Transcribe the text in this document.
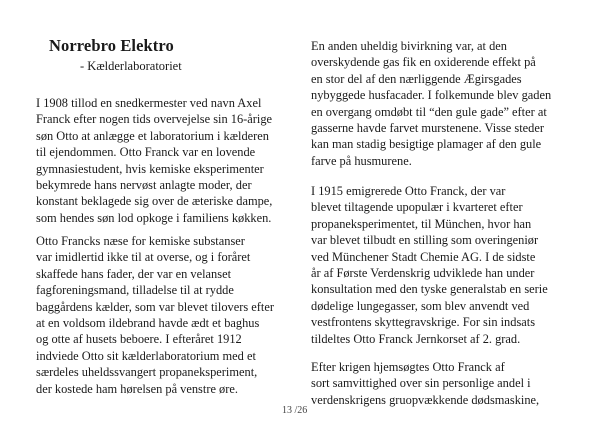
Norrebro Elektro
- Kælderlaboratoriet
I 1908 tillod en snedkermester ved navn Axel
Franck efter nogen tids overvejelse sin 16-årige
søn Otto at anlægge et laboratorium i kælderen
til ejendommen. Otto Franck var en lovende
gymnasiestudent, hvis kemiske eksperimenter
bekymrede hans nervøst anlagte moder, der
konstant beklagede sig over de æteriske dampe,
som hendes søn lod opkoge i familiens køkken.
Otto Francks næse for kemiske substanser
var imidlertid ikke til at overse, og i foråret
skaffede hans fader, der var en velanset
fagforeningsmand, tilladelse til at rydde
baggårdens kælder, som var blevet tilovers efter
at en voldsom ildebrand havde ædt et baghus
og otte af husets beboere. I efteråret 1912
indviede Otto sit kælderlaboratorium med et
særdeles uheldssvangert propaneksperiment,
der kostede ham hørelsen på venstre øre.
En anden uheldig bivirkning var, at den
overskydende gas fik en oxiderende effekt på
en stor del af den nærliggende Ægirsgades
nybyggede husfacader. I folkemunde blev gaden
en overgang omdøbt til “den gule gade” efter at
gasserne havde farvet murstenene. Visse steder
kan man stadig besigtige plamager af den gule
farve på husmurene.
I 1915 emigrerede Otto Franck, der var
blevet tiltagende upopulær i kvarteret efter
propaneksperimentet, til München, hvor han
var blevet tilbudt en stilling som overingeniør
ved Münchener Stadt Chemie AG. I de sidste
år af Første Verdenskrig udviklede han under
konsultation med den tyske generalstab en serie
dødelige lungegasser, som blev anvendt ved
vestfrontens skyttegravskrige. For sin indsats
tildeltes Otto Franck Jernkorset af 2. grad.
Efter krigen hjemsøgtes Otto Franck af
sort samvittighed over sin personlige andel i
verdenskrigens gruopvækkende dødsmaskine,
13 /26
